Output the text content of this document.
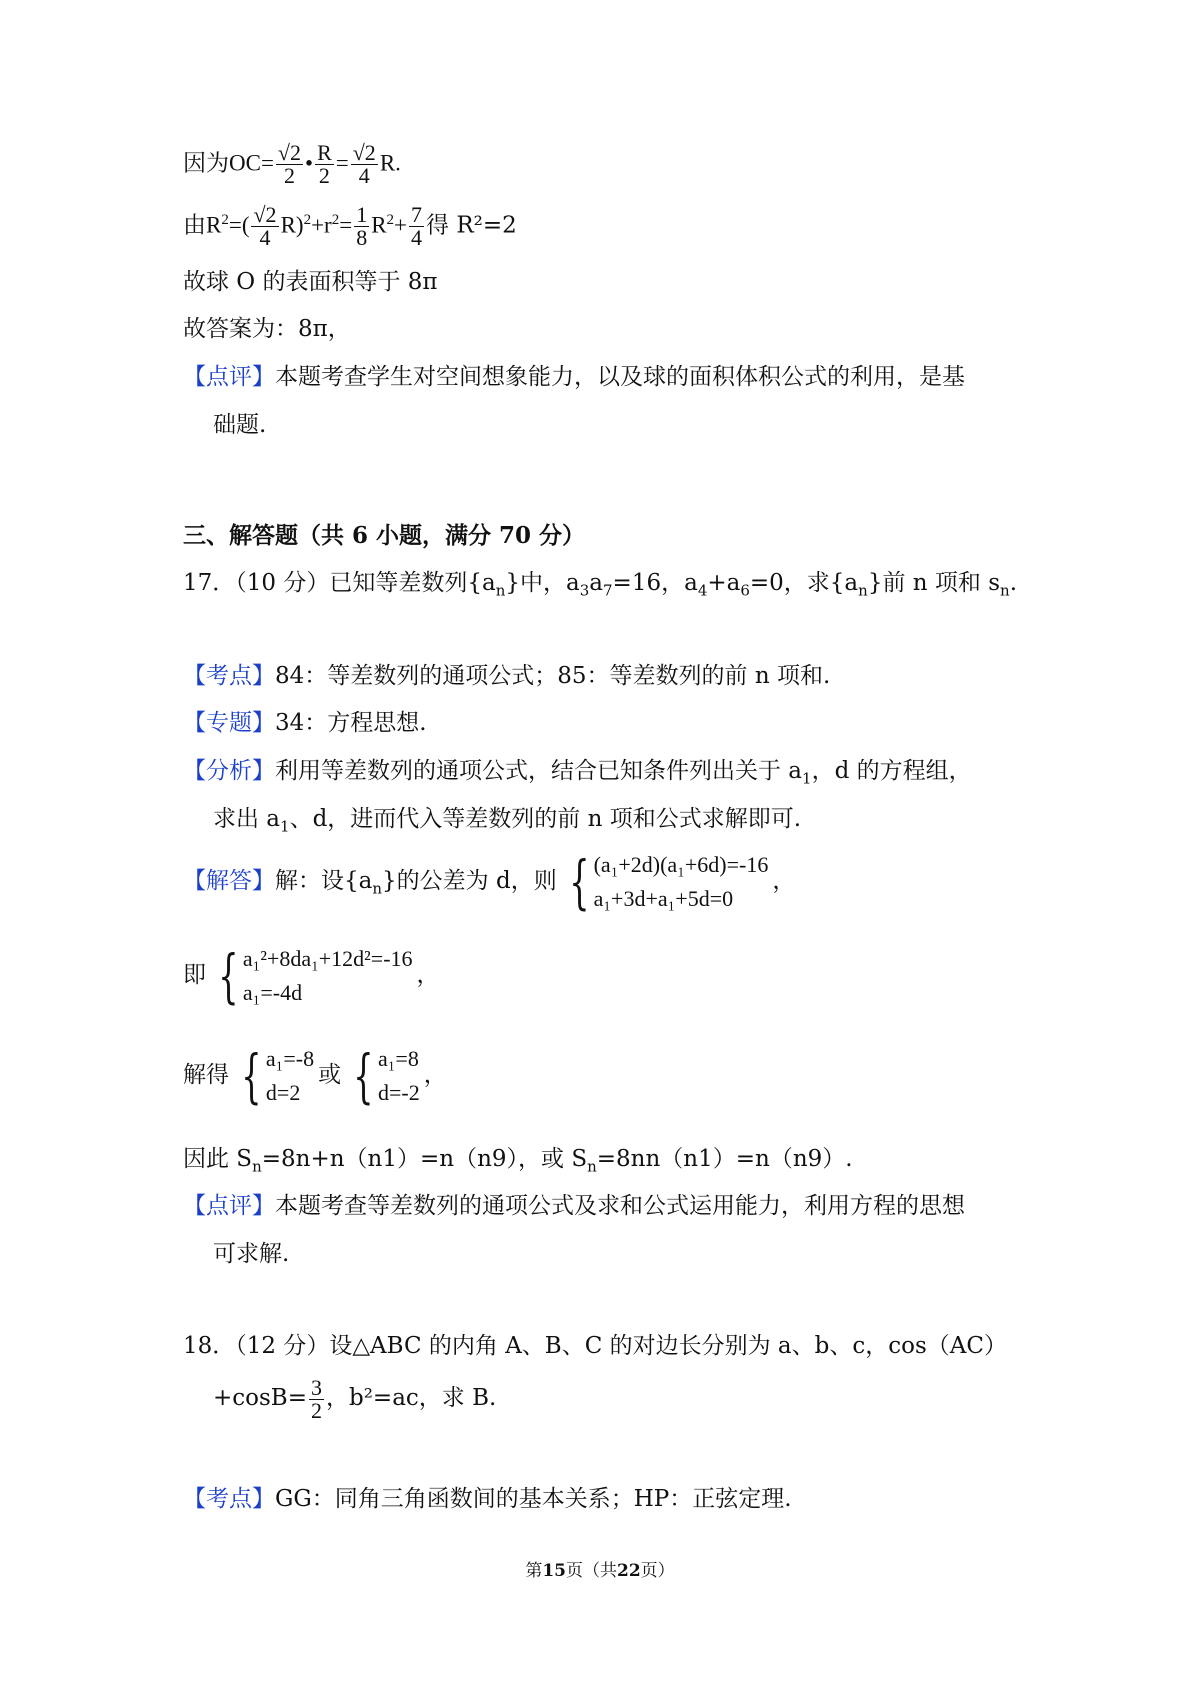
因为$OC= \frac{√2}{2}$ • $\frac{R}{2} = \frac{√2}{4} R$.
由$R^2=( \frac{√2}{4} R)^2+r^2= \frac{1}{8} R^2+ \frac{7}{4}$ 得 R²=2
故球 O 的表面积等于 8π
故答案为：8π，
【点评】本题考查学生对空间想象能力，以及球的面积体积公式的利用，是基
础题.
三、解答题（共 6 小题，满分 70 分）
17．（10 分）已知等差数列$\{a_n\}$中，$a_3a_7=16$，$a_4+a_6=0$，求$\{a_n\}$前 n 项和 $s_n$.
【考点】84：等差数列的通项公式；85：等差数列的前 n 项和.
【专题】34：方程思想.
【分析】利用等差数列的通项公式，结合已知条件列出关于 $a_1$，d 的方程组，
求出 $a_1$、d，进而代入等差数列的前 n 项和公式求解即可.
【解答】解：设$\{a_n\}$的公差为 d，则 { (a₁+2d)(a₁+6d)=-16
a₁+3d+a₁+5d=0
，
即 { a₁²+8da₁+12d²=-16
a₁=-4d
，
解得 { a₁=-8
d=2
或 { a₁=8
d=-2
，
因此 $S_n=8n+n(n1)=n(n9)$，或 $S_n=8nn(n1)=n(n9)$.
【点评】本题考查等差数列的通项公式及求和公式运用能力，利用方程的思想
可求解.
18．（12 分）设△ABC 的内角 A、B、C 的对边长分别为 a、b、c，cos（AC）
$+\cos B= \frac{3}{2}$ ，b²=ac，求 B.
【考点】GG：同角三角函数间的基本关系；HP：正弦定理.
第15页（共22页）
